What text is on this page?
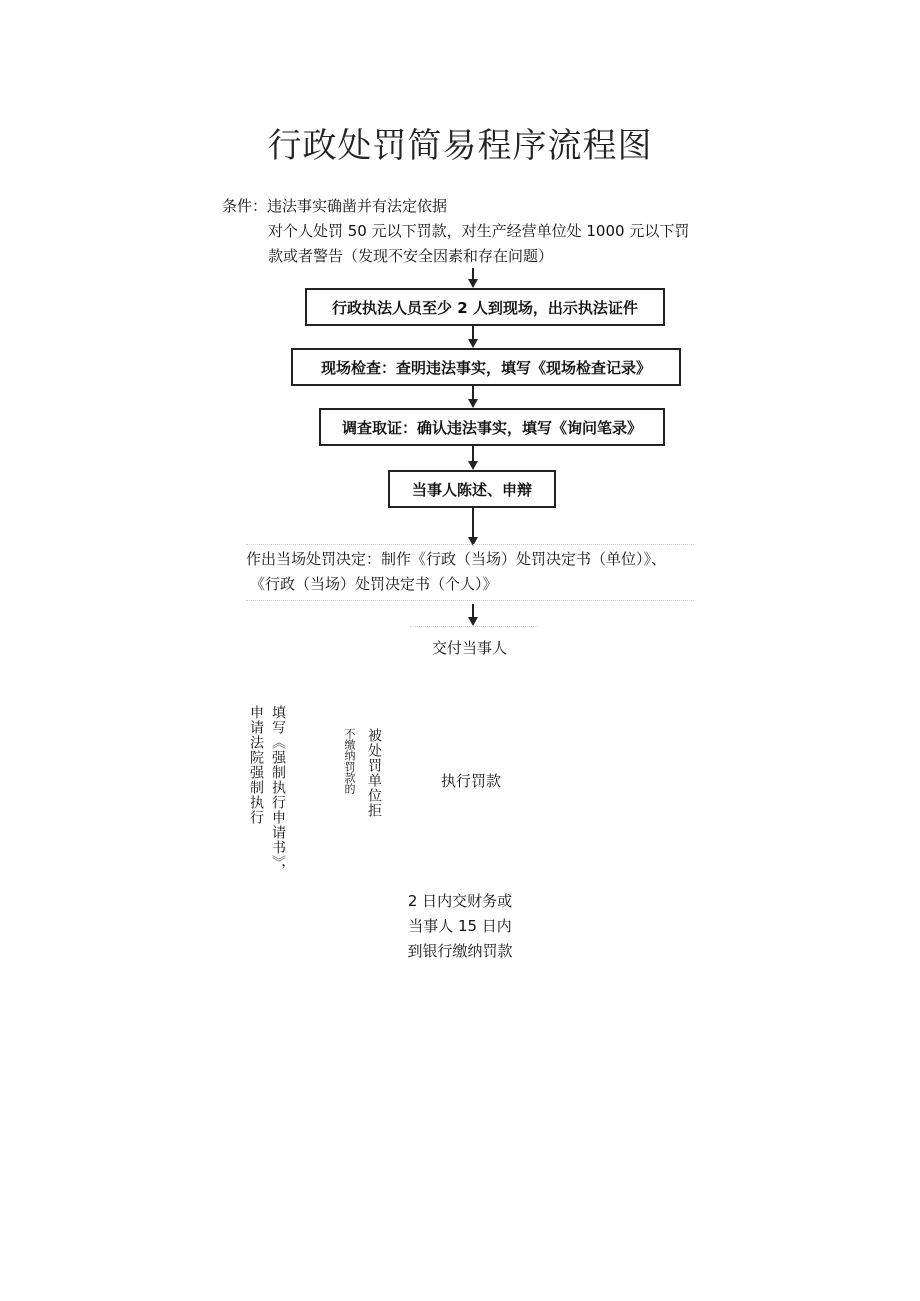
行政处罚简易程序流程图
条件：违法事实确凿并有法定依据
对个人处罚 50 元以下罚款，对生产经营单位处 1000 元以下罚
款或者警告（发现不安全因素和存在问题）
行政执法人员至少 2 人到现场，出示执法证件
现场检查：查明违法事实，填写《现场检查记录》
调查取证：确认违法事实，填写《询问笔录》
当事人陈述、申辩
作出当场处罚决定：制作《行政（当场）处罚决定书（单位）》、
《行政（当场）处罚决定书（个人）》
交付当事人
申请法院强制执行 填写《强制执行申请书》，	不缴纳罚款的 被处罚单位拒	执行罚款
2 日内交财务或
当事人 15 日内
到银行缴纳罚款
